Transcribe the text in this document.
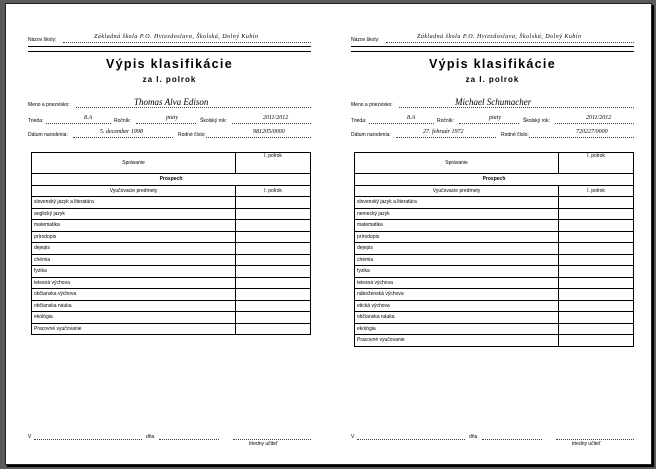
Názov školy:	Základná škola P.O. Hviezdoslava, Školská, Dolný Kubín
Výpis klasifikácie
za I. polrok
Meno a priezvisko:	Thomas Alva Edison
Trieda:	8.A	Ročník:	piaty	Školský rok:	2011/2012
Dátum narodenia:	5. december 1998	Rodné číslo:	981205/0000
Správanie	I. polrok
Prospech	
Vyučovacie predmety	I. polrok
slovenský jazyk a literatúra	
anglický jazyk	
matematika	
prírodopis	
dejepis	
chémia	
fyzika	
telesná výchova	
občianska výchova	
občianska náuka	
ekológia	
Pracovné vyučovanie	
V	dňa
triedny učiteľ
Názov školy:	Základná škola P.O. Hviezdoslava, Školská, Dolný Kubín
Výpis klasifikácie
za I. polrok
Meno a priezvisko:	Michael Schumacher
Trieda:	8.A	Ročník:	piaty	Školský rok:	2011/2012
Dátum narodenia:	27. február 1972	Rodné číslo:	720227/0000
Správanie	I. polrok
Prospech	
Vyučovacie predmety	I. polrok
slovenský jazyk a literatúra	
nemecký jazyk	
matematika	
prírodopis	
dejepis	
chémia	
fyzika	
telesná výchova	
náboženská výchova	
etická výchova	
občianska náuka	
ekológia	
Pracovné vyučovanie	
V	dňa
triedny učiteľ
